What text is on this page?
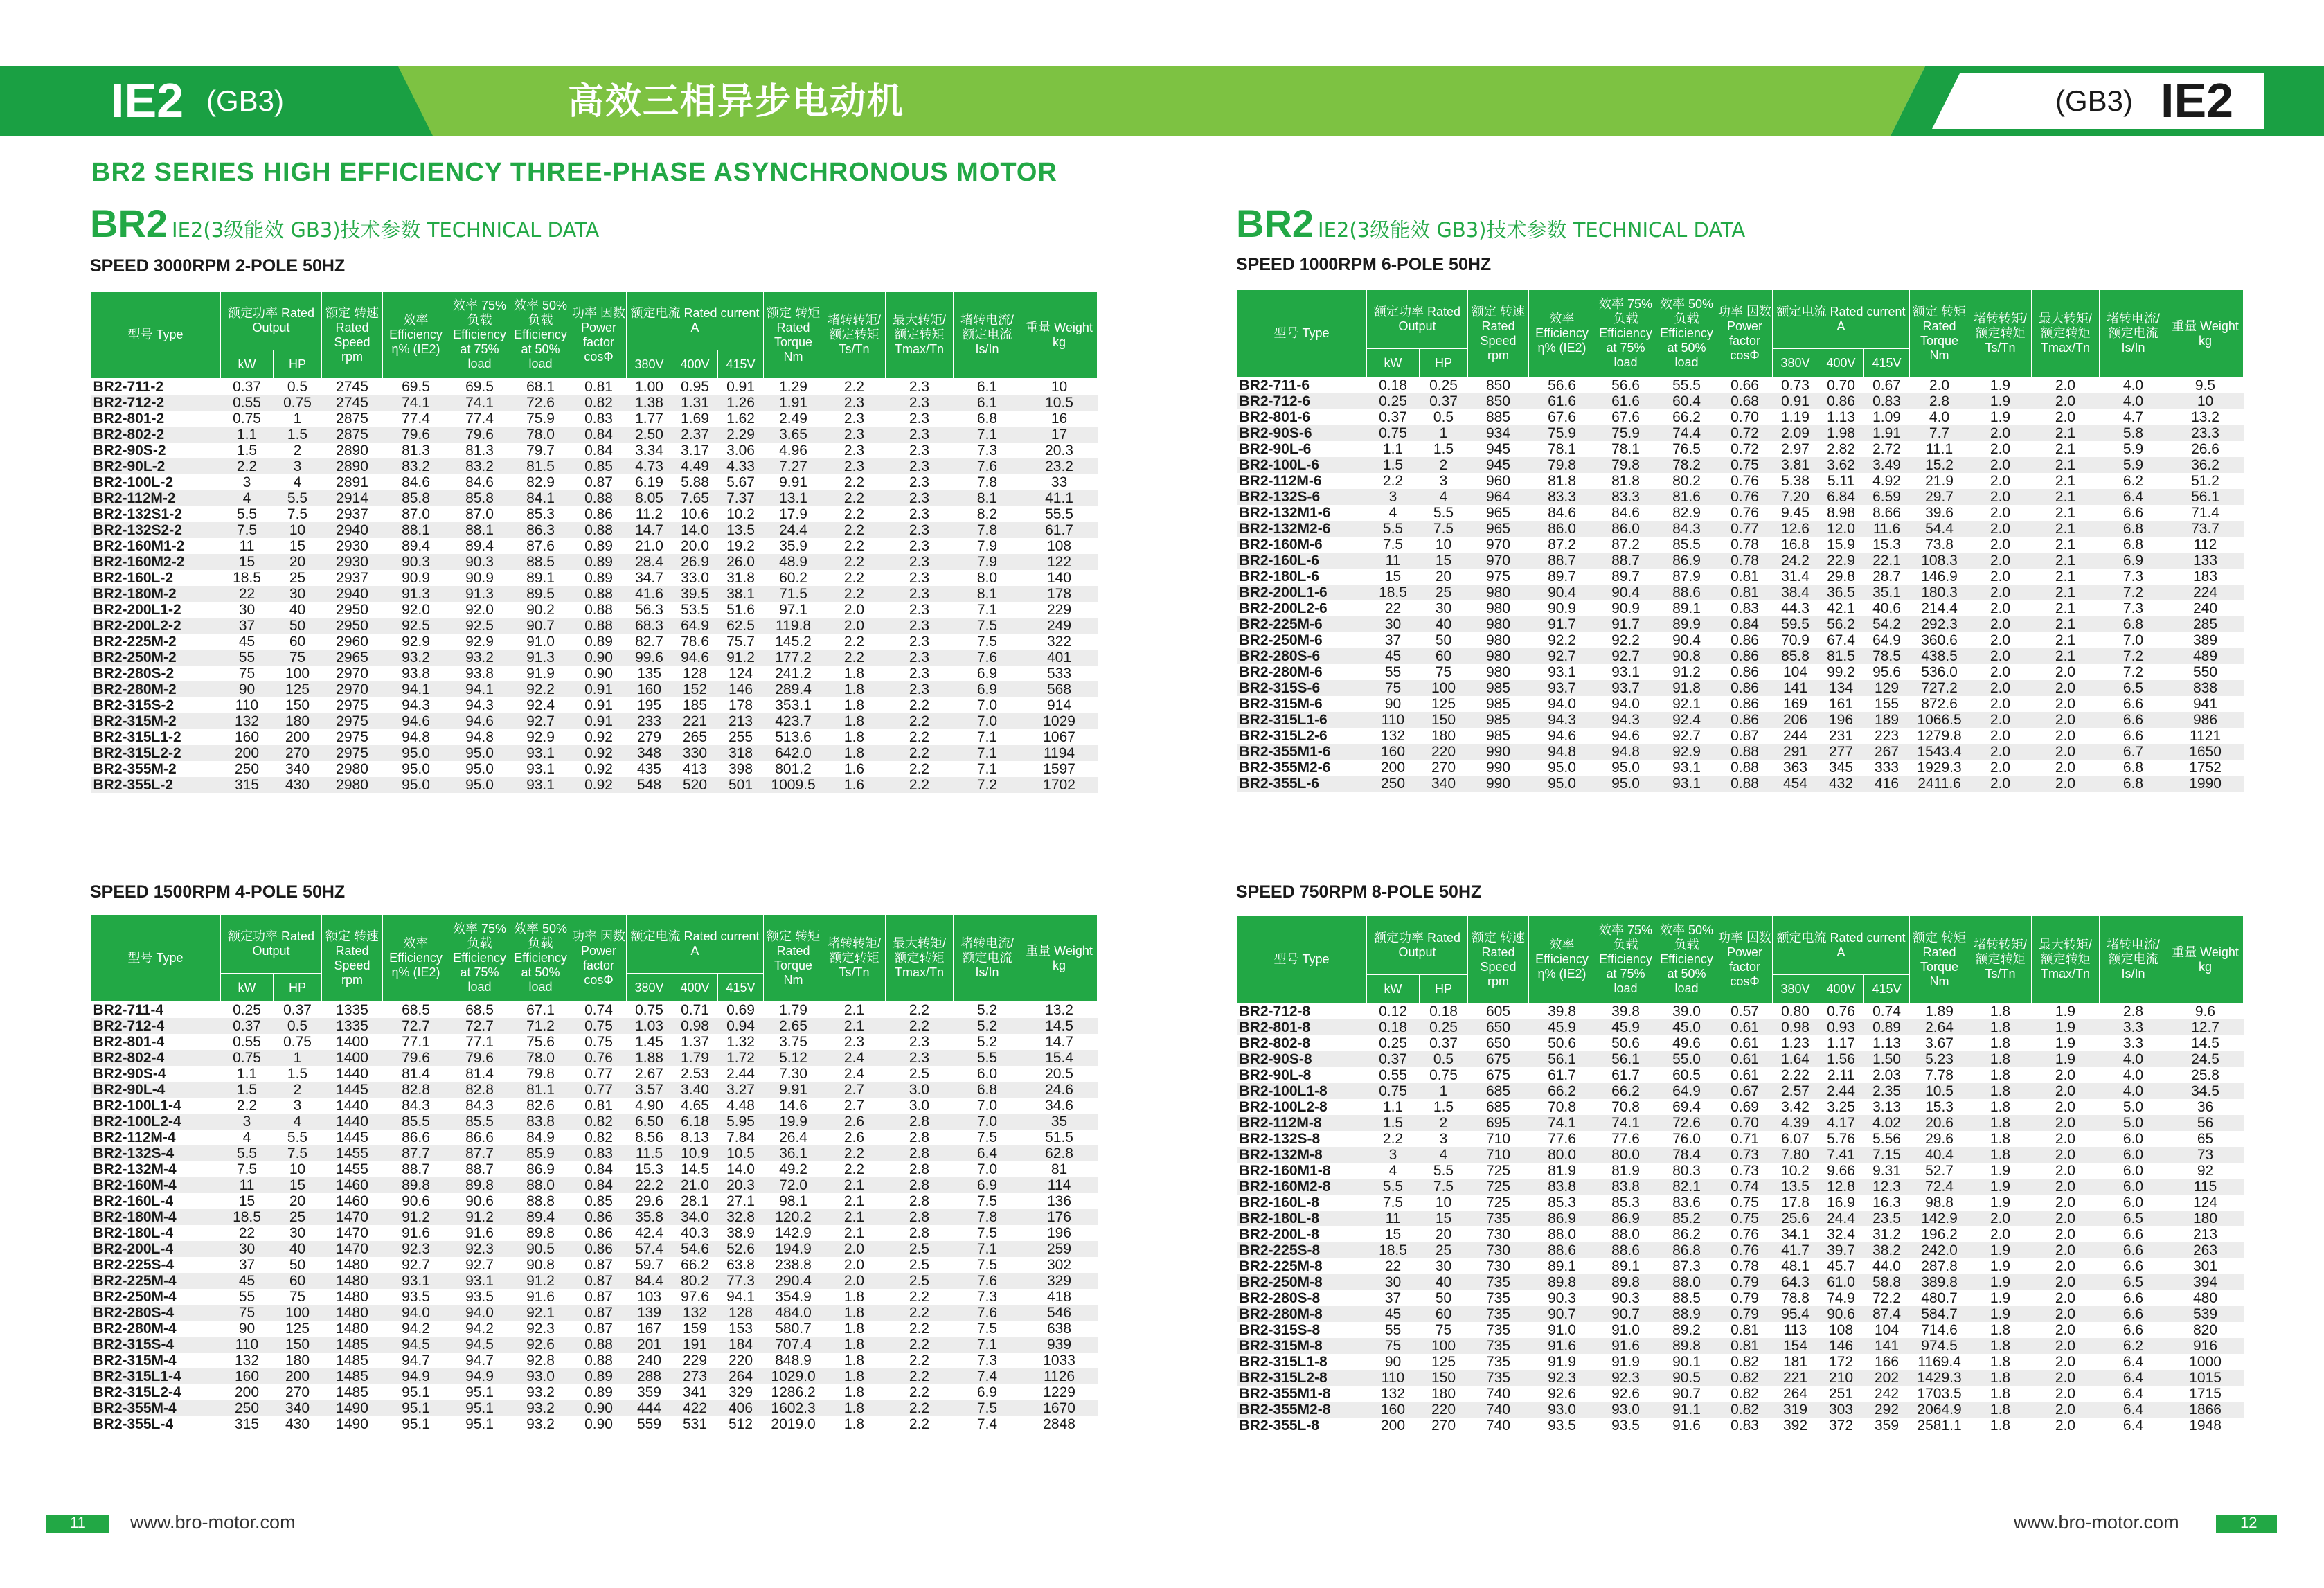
IE2 (GB3)	高效三相异步电动机	(GB3) IE2
BR2 SERIES HIGH EFFICIENCY THREE-PHASE ASYNCHRONOUS MOTOR
BR2 IE2(3级能效 GB3)技术参数 TECHNICAL DATA	BR2 IE2(3级能效 GB3)技术参数 TECHNICAL DATA
SPEED 3000RPM 2-POLE 50HZ	SPEED 1000RPM 6-POLE 50HZ
SPEED 1500RPM 4-POLE 50HZ	SPEED 750RPM 8-POLE 50HZ
型号 Type	额定功率 Rated Output		额定 转速 Rated Speed rpm	效率 Efficiency η% (IE2)	效率 75%负载 Efficiency at 75% load	效率 50%负载 Efficiency at 50% load	功率 因数 Power factor cosΦ	额定电流 Rated current A			额定 转矩 Rated Torque Nm	堵转转矩/ 额定转矩 Ts/Tn	最大转矩/ 额定转矩 Tmax/Tn	堵转电流/ 额定电流 Is/In	重量 Weight kg
	kW	HP						380V	400V	415V					
BR2-711-2	0.37	0.5	2745	69.5	69.5	68.1	0.81	1.00	0.95	0.91	1.29	2.2	2.3	6.1	10
BR2-712-2	0.55	0.75	2745	74.1	74.1	72.6	0.82	1.38	1.31	1.26	1.91	2.3	2.3	6.1	10.5
BR2-801-2	0.75	1	2875	77.4	77.4	75.9	0.83	1.77	1.69	1.62	2.49	2.3	2.3	6.8	16
BR2-802-2	1.1	1.5	2875	79.6	79.6	78.0	0.84	2.50	2.37	2.29	3.65	2.3	2.3	7.1	17
BR2-90S-2	1.5	2	2890	81.3	81.3	79.7	0.84	3.34	3.17	3.06	4.96	2.3	2.3	7.3	20.3
BR2-90L-2	2.2	3	2890	83.2	83.2	81.5	0.85	4.73	4.49	4.33	7.27	2.3	2.3	7.6	23.2
BR2-100L-2	3	4	2891	84.6	84.6	82.9	0.87	6.19	5.88	5.67	9.91	2.2	2.3	7.8	33
BR2-112M-2	4	5.5	2914	85.8	85.8	84.1	0.88	8.05	7.65	7.37	13.1	2.2	2.3	8.1	41.1
BR2-132S1-2	5.5	7.5	2937	87.0	87.0	85.3	0.86	11.2	10.6	10.2	17.9	2.2	2.3	8.2	55.5
BR2-132S2-2	7.5	10	2940	88.1	88.1	86.3	0.88	14.7	14.0	13.5	24.4	2.2	2.3	7.8	61.7
BR2-160M1-2	11	15	2930	89.4	89.4	87.6	0.89	21.0	20.0	19.2	35.9	2.2	2.3	7.9	108
BR2-160M2-2	15	20	2930	90.3	90.3	88.5	0.89	28.4	26.9	26.0	48.9	2.2	2.3	7.9	122
BR2-160L-2	18.5	25	2937	90.9	90.9	89.1	0.89	34.7	33.0	31.8	60.2	2.2	2.3	8.0	140
BR2-180M-2	22	30	2940	91.3	91.3	89.5	0.88	41.6	39.5	38.1	71.5	2.2	2.3	8.1	178
BR2-200L1-2	30	40	2950	92.0	92.0	90.2	0.88	56.3	53.5	51.6	97.1	2.0	2.3	7.1	229
BR2-200L2-2	37	50	2950	92.5	92.5	90.7	0.88	68.3	64.9	62.5	119.8	2.0	2.3	7.5	249
BR2-225M-2	45	60	2960	92.9	92.9	91.0	0.89	82.7	78.6	75.7	145.2	2.2	2.3	7.5	322
BR2-250M-2	55	75	2965	93.2	93.2	91.3	0.90	99.6	94.6	91.2	177.2	2.2	2.3	7.6	401
BR2-280S-2	75	100	2970	93.8	93.8	91.9	0.90	135	128	124	241.2	1.8	2.3	6.9	533
BR2-280M-2	90	125	2970	94.1	94.1	92.2	0.91	160	152	146	289.4	1.8	2.3	6.9	568
BR2-315S-2	110	150	2975	94.3	94.3	92.4	0.91	195	185	178	353.1	1.8	2.2	7.0	914
BR2-315M-2	132	180	2975	94.6	94.6	92.7	0.91	233	221	213	423.7	1.8	2.2	7.0	1029
BR2-315L1-2	160	200	2975	94.8	94.8	92.9	0.92	279	265	255	513.6	1.8	2.2	7.1	1067
BR2-315L2-2	200	270	2975	95.0	95.0	93.1	0.92	348	330	318	642.0	1.8	2.2	7.1	1194
BR2-355M-2	250	340	2980	95.0	95.0	93.1	0.92	435	413	398	801.2	1.6	2.2	7.1	1597
BR2-355L-2	315	430	2980	95.0	95.0	93.1	0.92	548	520	501	1009.5	1.6	2.2	7.2	1702
型号 Type	额定功率 Rated Output		额定 转速 Rated Speed rpm	效率 Efficiency η% (IE2)	效率 75%负载 Efficiency at 75% load	效率 50%负载 Efficiency at 50% load	功率 因数 Power factor cosΦ	额定电流 Rated current A			额定 转矩 Rated Torque Nm	堵转转矩/ 额定转矩 Ts/Tn	最大转矩/ 额定转矩 Tmax/Tn	堵转电流/ 额定电流 Is/In	重量 Weight kg
	kW	HP						380V	400V	415V					
BR2-711-6	0.18	0.25	850	56.6	56.6	55.5	0.66	0.73	0.70	0.67	2.0	1.9	2.0	4.0	9.5
BR2-712-6	0.25	0.37	850	61.6	61.6	60.4	0.68	0.91	0.86	0.83	2.8	1.9	2.0	4.0	10
BR2-801-6	0.37	0.5	885	67.6	67.6	66.2	0.70	1.19	1.13	1.09	4.0	1.9	2.0	4.7	13.2
BR2-90S-6	0.75	1	934	75.9	75.9	74.4	0.72	2.09	1.98	1.91	7.7	2.0	2.1	5.8	23.3
BR2-90L-6	1.1	1.5	945	78.1	78.1	76.5	0.72	2.97	2.82	2.72	11.1	2.0	2.1	5.9	26.6
BR2-100L-6	1.5	2	945	79.8	79.8	78.2	0.75	3.81	3.62	3.49	15.2	2.0	2.1	5.9	36.2
BR2-112M-6	2.2	3	960	81.8	81.8	80.2	0.76	5.38	5.11	4.92	21.9	2.0	2.1	6.2	51.2
BR2-132S-6	3	4	964	83.3	83.3	81.6	0.76	7.20	6.84	6.59	29.7	2.0	2.1	6.4	56.1
BR2-132M1-6	4	5.5	965	84.6	84.6	82.9	0.76	9.45	8.98	8.66	39.6	2.0	2.1	6.6	71.4
BR2-132M2-6	5.5	7.5	965	86.0	86.0	84.3	0.77	12.6	12.0	11.6	54.4	2.0	2.1	6.8	73.7
BR2-160M-6	7.5	10	970	87.2	87.2	85.5	0.78	16.8	15.9	15.3	73.8	2.0	2.1	6.8	112
BR2-160L-6	11	15	970	88.7	88.7	86.9	0.78	24.2	22.9	22.1	108.3	2.0	2.1	6.9	133
BR2-180L-6	15	20	975	89.7	89.7	87.9	0.81	31.4	29.8	28.7	146.9	2.0	2.1	7.3	183
BR2-200L1-6	18.5	25	980	90.4	90.4	88.6	0.81	38.4	36.5	35.1	180.3	2.0	2.1	7.2	224
BR2-200L2-6	22	30	980	90.9	90.9	89.1	0.83	44.3	42.1	40.6	214.4	2.0	2.1	7.3	240
BR2-225M-6	30	40	980	91.7	91.7	89.9	0.84	59.5	56.2	54.2	292.3	2.0	2.1	6.8	285
BR2-250M-6	37	50	980	92.2	92.2	90.4	0.86	70.9	67.4	64.9	360.6	2.0	2.1	7.0	389
BR2-280S-6	45	60	980	92.7	92.7	90.8	0.86	85.8	81.5	78.5	438.5	2.0	2.1	7.2	489
BR2-280M-6	55	75	980	93.1	93.1	91.2	0.86	104	99.2	95.6	536.0	2.0	2.0	7.2	550
BR2-315S-6	75	100	985	93.7	93.7	91.8	0.86	141	134	129	727.2	2.0	2.0	6.5	838
BR2-315M-6	90	125	985	94.0	94.0	92.1	0.86	169	161	155	872.6	2.0	2.0	6.6	941
BR2-315L1-6	110	150	985	94.3	94.3	92.4	0.86	206	196	189	1066.5	2.0	2.0	6.6	986
BR2-315L2-6	132	180	985	94.6	94.6	92.7	0.87	244	231	223	1279.8	2.0	2.0	6.6	1121
BR2-355M1-6	160	220	990	94.8	94.8	92.9	0.88	291	277	267	1543.4	2.0	2.0	6.7	1650
BR2-355M2-6	200	270	990	95.0	95.0	93.1	0.88	363	345	333	1929.3	2.0	2.0	6.8	1752
BR2-355L-6	250	340	990	95.0	95.0	93.1	0.88	454	432	416	2411.6	2.0	2.0	6.8	1990
型号 Type	额定功率 Rated Output		额定 转速 Rated Speed rpm	效率 Efficiency η% (IE2)	效率 75%负载 Efficiency at 75% load	效率 50%负载 Efficiency at 50% load	功率 因数 Power factor cosΦ	额定电流 Rated current A			额定 转矩 Rated Torque Nm	堵转转矩/ 额定转矩 Ts/Tn	最大转矩/ 额定转矩 Tmax/Tn	堵转电流/ 额定电流 Is/In	重量 Weight kg
	kW	HP						380V	400V	415V					
BR2-711-4	0.25	0.37	1335	68.5	68.5	67.1	0.74	0.75	0.71	0.69	1.79	2.1	2.2	5.2	13.2
BR2-712-4	0.37	0.5	1335	72.7	72.7	71.2	0.75	1.03	0.98	0.94	2.65	2.1	2.2	5.2	14.5
BR2-801-4	0.55	0.75	1400	77.1	77.1	75.6	0.75	1.45	1.37	1.32	3.75	2.3	2.3	5.2	14.7
BR2-802-4	0.75	1	1400	79.6	79.6	78.0	0.76	1.88	1.79	1.72	5.12	2.4	2.3	5.5	15.4
BR2-90S-4	1.1	1.5	1440	81.4	81.4	79.8	0.77	2.67	2.53	2.44	7.30	2.4	2.5	6.0	20.5
BR2-90L-4	1.5	2	1445	82.8	82.8	81.1	0.77	3.57	3.40	3.27	9.91	2.7	3.0	6.8	24.6
BR2-100L1-4	2.2	3	1440	84.3	84.3	82.6	0.81	4.90	4.65	4.48	14.6	2.7	3.0	7.0	34.6
BR2-100L2-4	3	4	1440	85.5	85.5	83.8	0.82	6.50	6.18	5.95	19.9	2.6	2.8	7.0	35
BR2-112M-4	4	5.5	1445	86.6	86.6	84.9	0.82	8.56	8.13	7.84	26.4	2.6	2.8	7.5	51.5
BR2-132S-4	5.5	7.5	1455	87.7	87.7	85.9	0.83	11.5	10.9	10.5	36.1	2.2	2.8	6.4	62.8
BR2-132M-4	7.5	10	1455	88.7	88.7	86.9	0.84	15.3	14.5	14.0	49.2	2.2	2.8	7.0	81
BR2-160M-4	11	15	1460	89.8	89.8	88.0	0.84	22.2	21.0	20.3	72.0	2.1	2.8	6.9	114
BR2-160L-4	15	20	1460	90.6	90.6	88.8	0.85	29.6	28.1	27.1	98.1	2.1	2.8	7.5	136
BR2-180M-4	18.5	25	1470	91.2	91.2	89.4	0.86	35.8	34.0	32.8	120.2	2.1	2.8	7.8	176
BR2-180L-4	22	30	1470	91.6	91.6	89.8	0.86	42.4	40.3	38.9	142.9	2.1	2.8	7.5	196
BR2-200L-4	30	40	1470	92.3	92.3	90.5	0.86	57.4	54.6	52.6	194.9	2.0	2.5	7.1	259
BR2-225S-4	37	50	1480	92.7	92.7	90.8	0.87	59.7	66.2	63.8	238.8	2.0	2.5	7.5	302
BR2-225M-4	45	60	1480	93.1	93.1	91.2	0.87	84.4	80.2	77.3	290.4	2.0	2.5	7.6	329
BR2-250M-4	55	75	1480	93.5	93.5	91.6	0.87	103	97.6	94.1	354.9	1.8	2.2	7.3	418
BR2-280S-4	75	100	1480	94.0	94.0	92.1	0.87	139	132	128	484.0	1.8	2.2	7.6	546
BR2-280M-4	90	125	1480	94.2	94.2	92.3	0.87	167	159	153	580.7	1.8	2.2	7.5	638
BR2-315S-4	110	150	1485	94.5	94.5	92.6	0.88	201	191	184	707.4	1.8	2.2	7.1	939
BR2-315M-4	132	180	1485	94.7	94.7	92.8	0.88	240	229	220	848.9	1.8	2.2	7.3	1033
BR2-315L1-4	160	200	1485	94.9	94.9	93.0	0.89	288	273	264	1029.0	1.8	2.2	7.4	1126
BR2-315L2-4	200	270	1485	95.1	95.1	93.2	0.89	359	341	329	1286.2	1.8	2.2	6.9	1229
BR2-355M-4	250	340	1490	95.1	95.1	93.2	0.90	444	422	406	1602.3	1.8	2.2	7.5	1670
BR2-355L-4	315	430	1490	95.1	95.1	93.2	0.90	559	531	512	2019.0	1.8	2.2	7.4	2848
型号 Type	额定功率 Rated Output		额定 转速 Rated Speed rpm	效率 Efficiency η% (IE2)	效率 75%负载 Efficiency at 75% load	效率 50%负载 Efficiency at 50% load	功率 因数 Power factor cosΦ	额定电流 Rated current A			额定 转矩 Rated Torque Nm	堵转转矩/ 额定转矩 Ts/Tn	最大转矩/ 额定转矩 Tmax/Tn	堵转电流/ 额定电流 Is/In	重量 Weight kg
	kW	HP						380V	400V	415V					
BR2-712-8	0.12	0.18	605	39.8	39.8	39.0	0.57	0.80	0.76	0.74	1.89	1.8	1.9	2.8	9.6
BR2-801-8	0.18	0.25	650	45.9	45.9	45.0	0.61	0.98	0.93	0.89	2.64	1.8	1.9	3.3	12.7
BR2-802-8	0.25	0.37	650	50.6	50.6	49.6	0.61	1.23	1.17	1.13	3.67	1.8	1.9	3.3	14.5
BR2-90S-8	0.37	0.5	675	56.1	56.1	55.0	0.61	1.64	1.56	1.50	5.23	1.8	1.9	4.0	24.5
BR2-90L-8	0.55	0.75	675	61.7	61.7	60.5	0.61	2.22	2.11	2.03	7.78	1.8	2.0	4.0	25.8
BR2-100L1-8	0.75	1	685	66.2	66.2	64.9	0.67	2.57	2.44	2.35	10.5	1.8	2.0	4.0	34.5
BR2-100L2-8	1.1	1.5	685	70.8	70.8	69.4	0.69	3.42	3.25	3.13	15.3	1.8	2.0	5.0	36
BR2-112M-8	1.5	2	695	74.1	74.1	72.6	0.70	4.39	4.17	4.02	20.6	1.8	2.0	5.0	56
BR2-132S-8	2.2	3	710	77.6	77.6	76.0	0.71	6.07	5.76	5.56	29.6	1.8	2.0	6.0	65
BR2-132M-8	3	4	710	80.0	80.0	78.4	0.73	7.80	7.41	7.15	40.4	1.8	2.0	6.0	73
BR2-160M1-8	4	5.5	725	81.9	81.9	80.3	0.73	10.2	9.66	9.31	52.7	1.9	2.0	6.0	92
BR2-160M2-8	5.5	7.5	725	83.8	83.8	82.1	0.74	13.5	12.8	12.3	72.4	1.9	2.0	6.0	115
BR2-160L-8	7.5	10	725	85.3	85.3	83.6	0.75	17.8	16.9	16.3	98.8	1.9	2.0	6.0	124
BR2-180L-8	11	15	735	86.9	86.9	85.2	0.75	25.6	24.4	23.5	142.9	2.0	2.0	6.5	180
BR2-200L-8	15	20	730	88.0	88.0	86.2	0.76	34.1	32.4	31.2	196.2	2.0	2.0	6.6	213
BR2-225S-8	18.5	25	730	88.6	88.6	86.8	0.76	41.7	39.7	38.2	242.0	1.9	2.0	6.6	263
BR2-225M-8	22	30	730	89.1	89.1	87.3	0.78	48.1	45.7	44.0	287.8	1.9	2.0	6.6	301
BR2-250M-8	30	40	735	89.8	89.8	88.0	0.79	64.3	61.0	58.8	389.8	1.9	2.0	6.5	394
BR2-280S-8	37	50	735	90.3	90.3	88.5	0.79	78.8	74.9	72.2	480.7	1.9	2.0	6.6	480
BR2-280M-8	45	60	735	90.7	90.7	88.9	0.79	95.4	90.6	87.4	584.7	1.9	2.0	6.6	539
BR2-315S-8	55	75	735	91.0	91.0	89.2	0.81	113	108	104	714.6	1.8	2.0	6.6	820
BR2-315M-8	75	100	735	91.6	91.6	89.8	0.81	154	146	141	974.5	1.8	2.0	6.2	916
BR2-315L1-8	90	125	735	91.9	91.9	90.1	0.82	181	172	166	1169.4	1.8	2.0	6.4	1000
BR2-315L2-8	110	150	735	92.3	92.3	90.5	0.82	221	210	202	1429.3	1.8	2.0	6.4	1015
BR2-355M1-8	132	180	740	92.6	92.6	90.7	0.82	264	251	242	1703.5	1.8	2.0	6.4	1715
BR2-355M2-8	160	220	740	93.0	93.0	91.1	0.82	319	303	292	2064.9	1.8	2.0	6.4	1866
BR2-355L-8	200	270	740	93.5	93.5	91.6	0.83	392	372	359	2581.1	1.8	2.0	6.4	1948
11 www.bro-motor.com	12
www.bro-motor.com
